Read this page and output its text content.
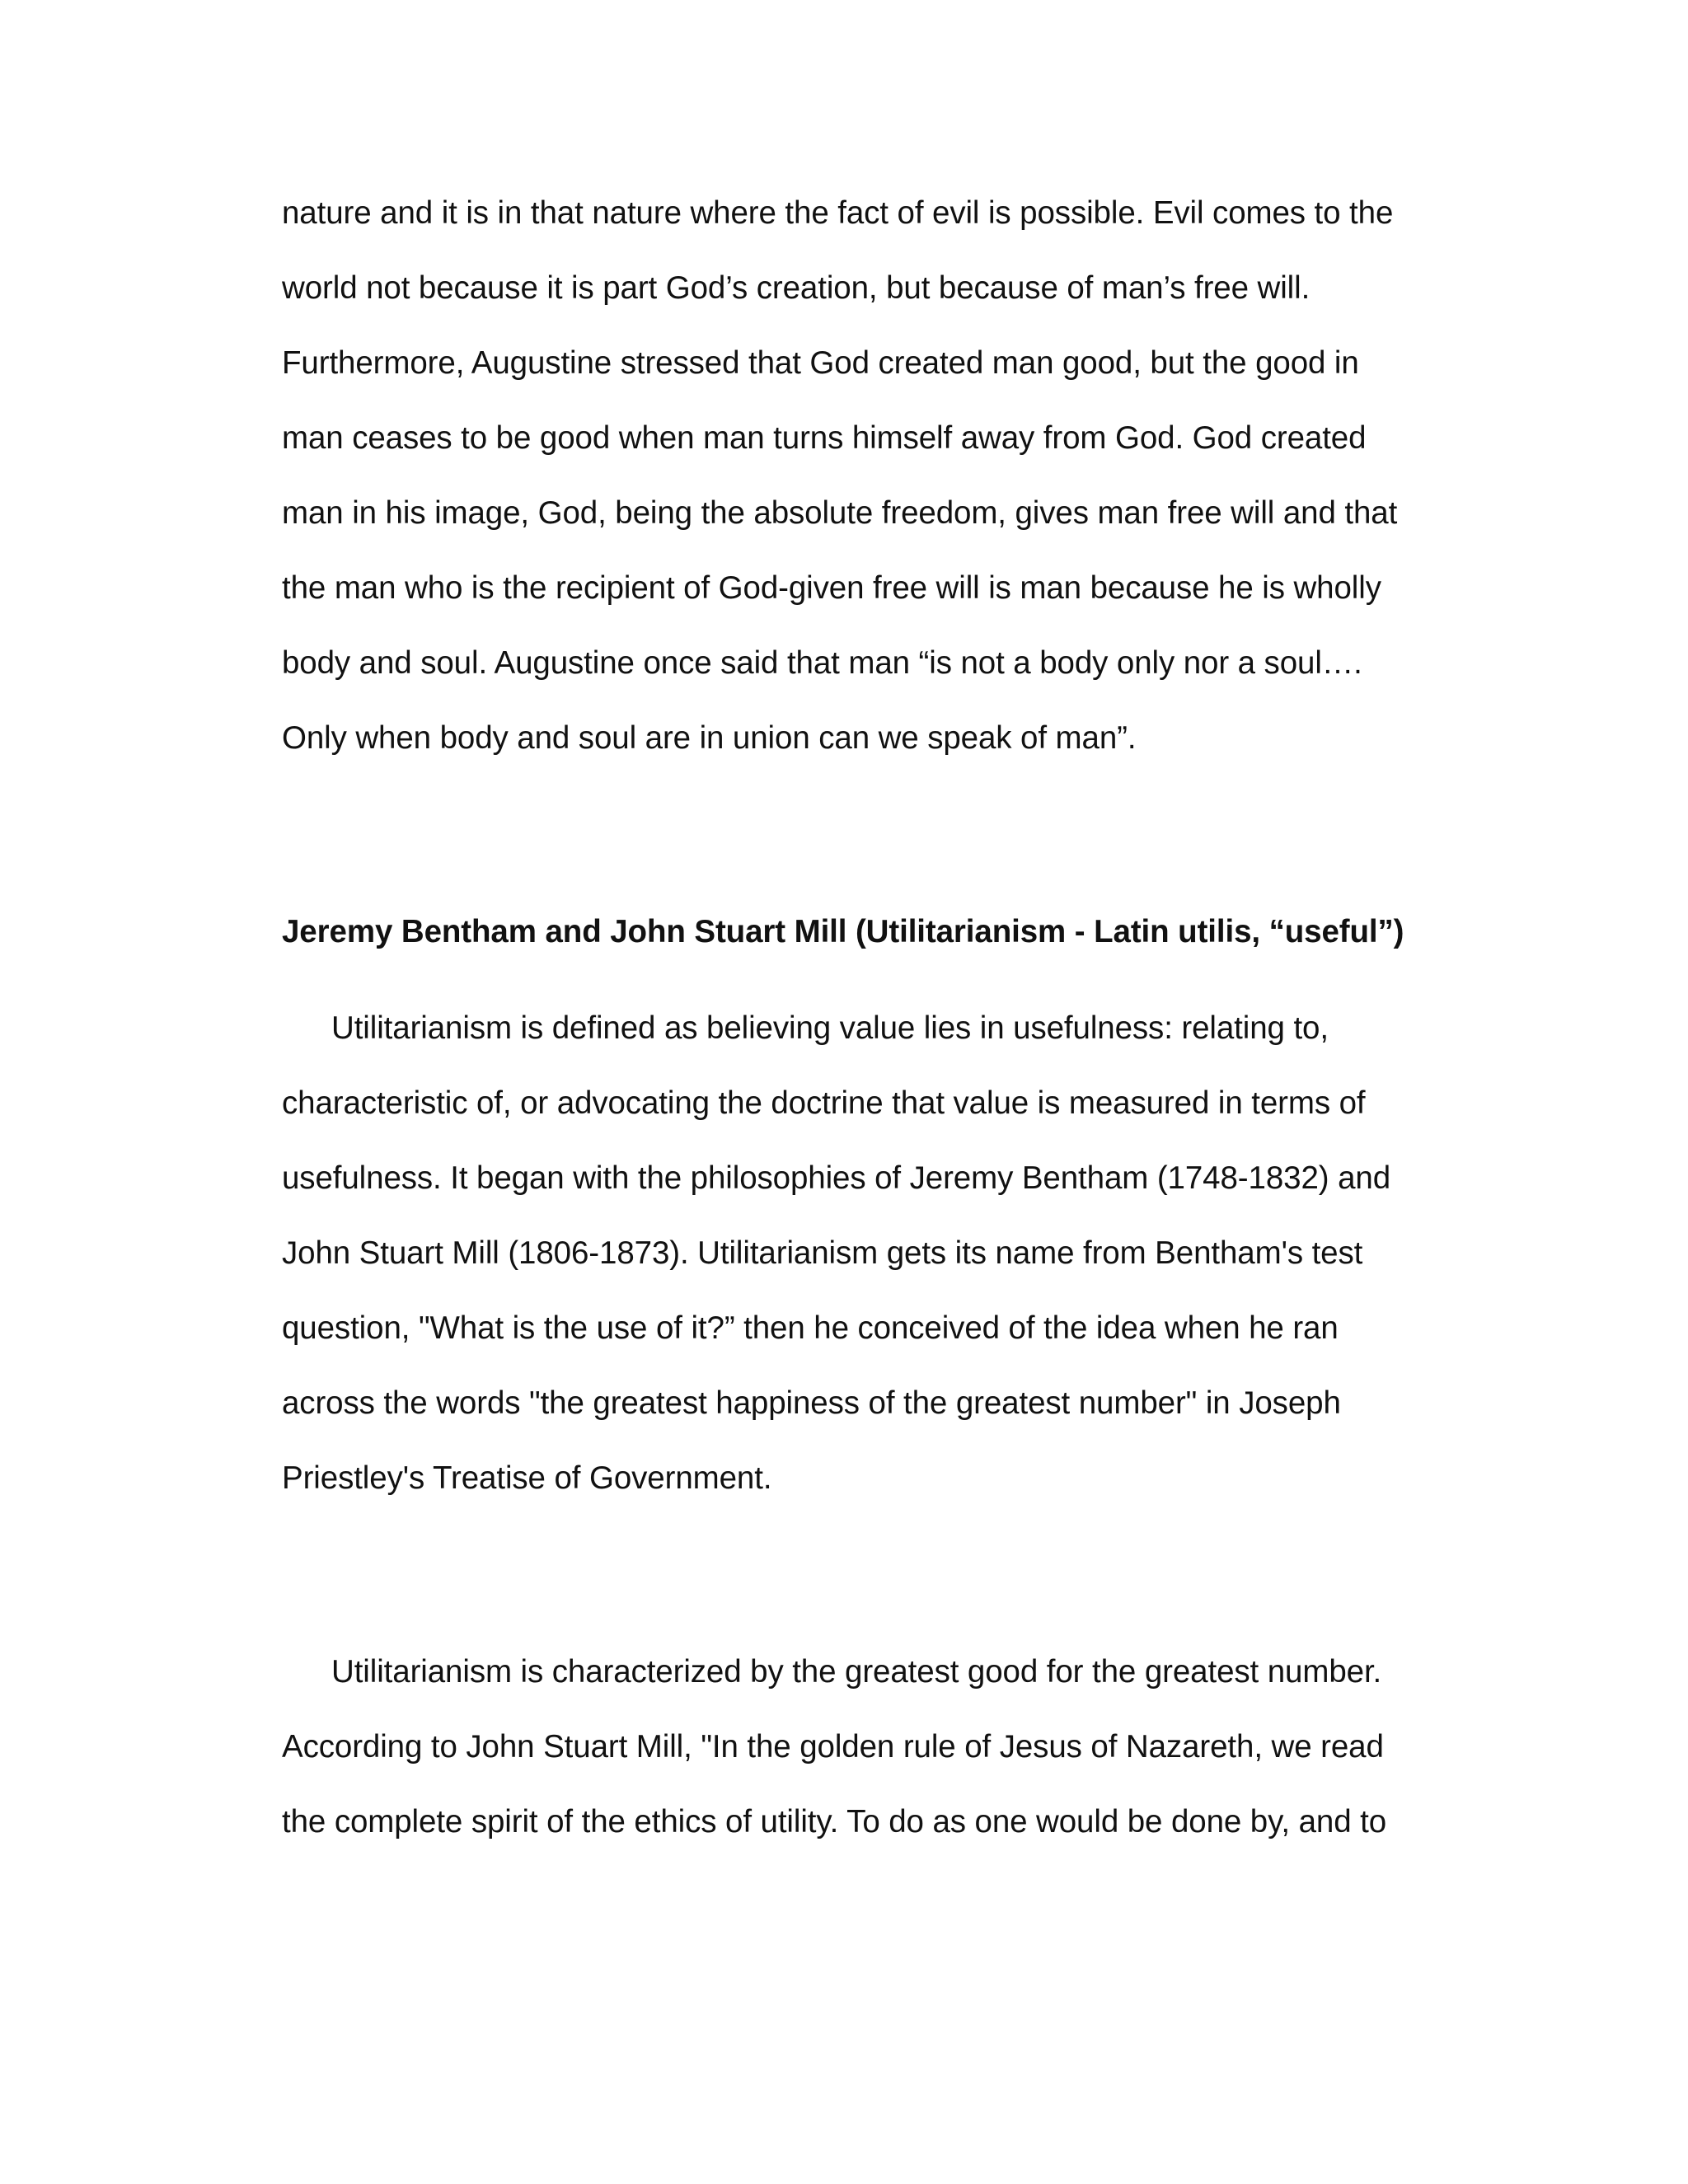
nature and it is in that nature where the fact of evil is possible. Evil comes to the
world not because it is part God’s creation, but because of man’s free will.
Furthermore, Augustine stressed that God created man good, but the good in
man ceases to be good when man turns himself away from God. God created
man in his image, God, being the absolute freedom, gives man free will and that
the man who is the recipient of God-given free will is man because he is wholly
body and soul. Augustine once said that man “is not a body only nor a soul….
Only when body and soul are in union can we speak of man”.
Jeremy Bentham and John Stuart Mill (Utilitarianism - Latin utilis, “useful”)
Utilitarianism is defined as believing value lies in usefulness: relating to,
characteristic of, or advocating the doctrine that value is measured in terms of
usefulness. It began with the philosophies of Jeremy Bentham (1748-1832) and
John Stuart Mill (1806-1873). Utilitarianism gets its name from Bentham's test
question, "What is the use of it?” then he conceived of the idea when he ran
across the words "the greatest happiness of the greatest number" in Joseph
Priestley's Treatise of Government.
Utilitarianism is characterized by the greatest good for the greatest number.
According to John Stuart Mill, "In the golden rule of Jesus of Nazareth, we read
the complete spirit of the ethics of utility. To do as one would be done by, and to
